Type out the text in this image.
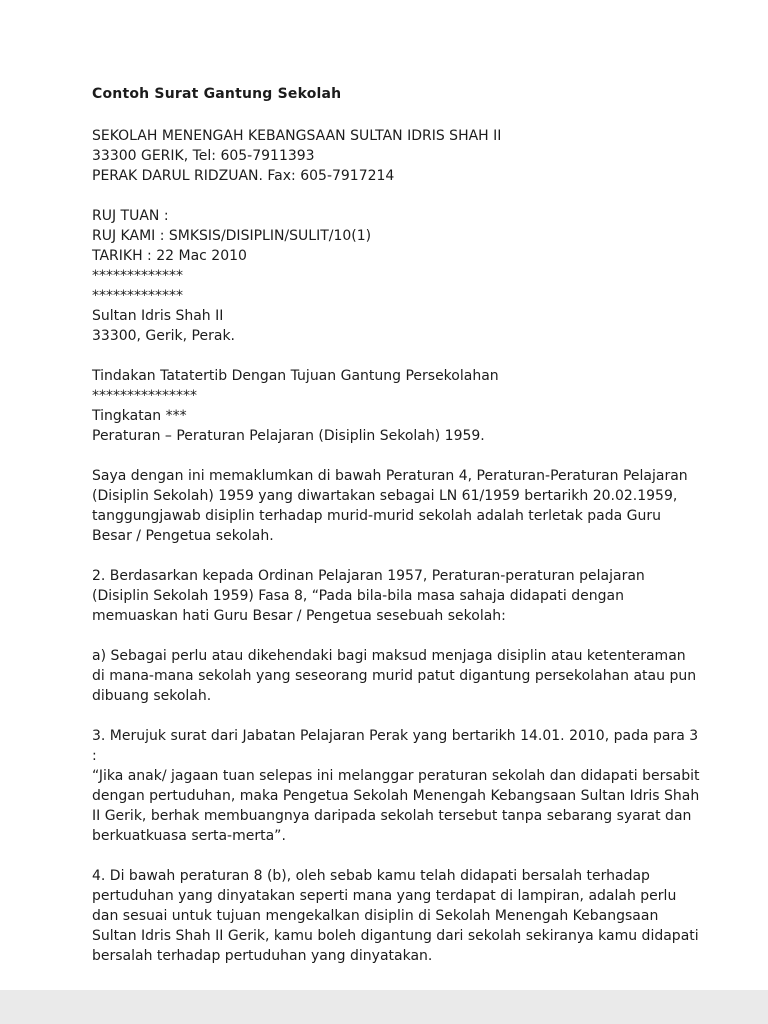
Contoh Surat Gantung Sekolah
SEKOLAH MENENGAH KEBANGSAAN SULTAN IDRIS SHAH II
33300 GERIK, Tel: 605-7911393
PERAK DARUL RIDZUAN. Fax: 605-7917214
RUJ TUAN :
RUJ KAMI : SMKSIS/DISIPLIN/SULIT/10(1)
TARIKH : 22 Mac 2010
*************
*************
Sultan Idris Shah II
33300, Gerik, Perak.
Tindakan Tatatertib Dengan Tujuan Gantung Persekolahan
***************
Tingkatan ***
Peraturan – Peraturan Pelajaran (Disiplin Sekolah) 1959.

Saya dengan ini memaklumkan di bawah Peraturan 4, Peraturan-Peraturan Pelajaran (Disiplin Sekolah) 1959 yang diwartakan sebagai LN 61/1959 bertarikh 20.02.1959, tanggungjawab disiplin terhadap murid-murid sekolah adalah terletak pada Guru Besar / Pengetua sekolah.

2. Berdasarkan kepada Ordinan Pelajaran 1957, Peraturan-peraturan pelajaran (Disiplin Sekolah 1959) Fasa 8, “Pada bila-bila masa sahaja didapati dengan memuaskan hati Guru Besar / Pengetua sesebuah sekolah:

a) Sebagai perlu atau dikehendaki bagi maksud menjaga disiplin atau ketenteraman di mana-mana sekolah yang seseorang murid patut digantung persekolahan atau pun dibuang sekolah.

3. Merujuk surat dari Jabatan Pelajaran Perak yang bertarikh 14.01. 2010, pada para 3 :

“Jika anak/ jagaan tuan selepas ini melanggar peraturan sekolah dan didapati bersabit dengan pertuduhan, maka Pengetua Sekolah Menengah Kebangsaan Sultan Idris Shah II Gerik, berhak membuangnya daripada sekolah tersebut tanpa sebarang syarat dan berkuatkuasa serta-merta”.

4. Di bawah peraturan 8 (b), oleh sebab kamu telah didapati bersalah terhadap pertuduhan yang dinyatakan seperti mana yang terdapat di lampiran, adalah perlu dan sesuai untuk tujuan mengekalkan disiplin di Sekolah Menengah Kebangsaan Sultan Idris Shah II Gerik, kamu boleh digantung dari sekolah sekiranya kamu didapati bersalah terhadap pertuduhan yang dinyatakan.
